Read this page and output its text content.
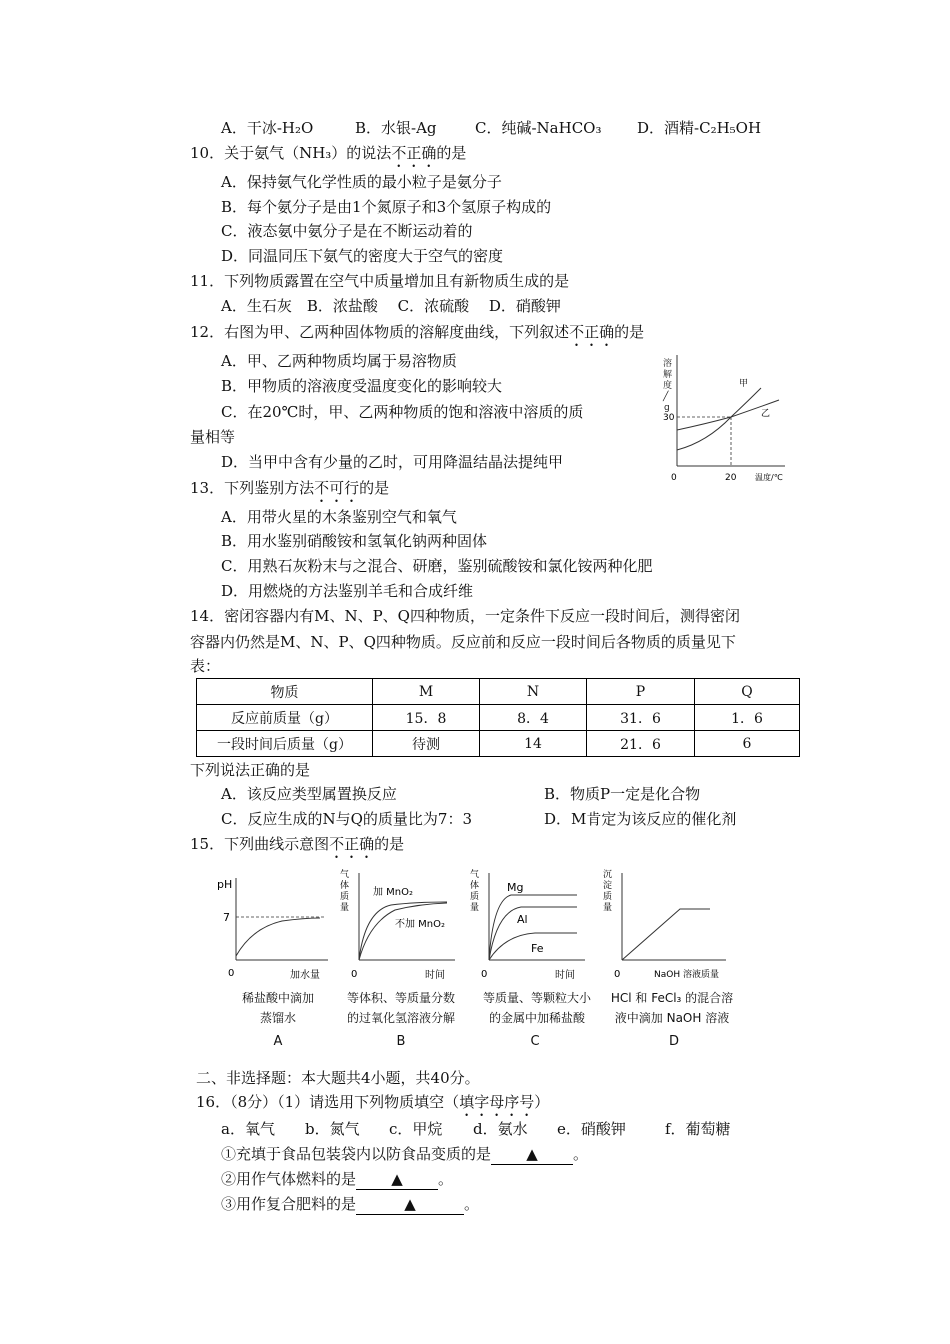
A．干冰-H₂O	B．水银-Ag	C．纯碱-NaHCO₃ D．酒精-C₂H₅OH
10．关于氨气（NH₃）的说法不正确的是
A．保持氨气化学性质的最小粒子是氨分子
B．每个氨分子是由1个氮原子和3个氢原子构成的
C．液态氨中氨分子是在不断运动着的
D．同温同压下氨气的密度大于空气的密度
11．下列物质露置在空气中质量增加且有新物质生成的是
A．生石灰　B．浓盐酸　 C．浓硫酸　 D．硝酸钾
12．右图为甲、乙两种固体物质的溶解度曲线，下列叙述不正确的是
A．甲、乙两种物质均属于易溶物质
B．甲物质的溶液度受温度变化的影响较大
C．在20℃时，甲、乙两种物质的饱和溶液中溶质的质
量相等
D．当甲中含有少量的乙时，可用降温结晶法提纯甲
溶
解
度
╱
g
甲
乙
30
0	20 温度/℃
13．下列鉴别方法不可行的是
A．用带火星的木条鉴别空气和氧气
B．用水鉴别硝酸铵和氢氧化钠两种固体
C．用熟石灰粉末与之混合、研磨，鉴别硫酸铵和氯化铵两种化肥
D．用燃烧的方法鉴别羊毛和合成纤维
14．密闭容器内有M、N、P、Q四种物质，一定条件下反应一段时间后，测得密闭
容器内仍然是M、N、P、Q四种物质。反应前和反应一段时间后各物质的质量见下
表：
物质	M	N	P	Q
反应前质量（g）	15．8	8．4	31．6	1．6
一段时间后质量（g）	待测	14	21．6	6
下列说法正确的是
A．该反应类型属置换反应	B．物质P一定是化合物
C．反应生成的N与Q的质量比为7：3	D．M肯定为该反应的催化剂
15．下列曲线示意图不正确的是
pH
7
0	加水量
稀盐酸中滴加
蒸馏水
A
气
体
质
量
加 MnO₂
不加 MnO₂
0	时间
等体积、等质量分数
的过氧化氢溶液分解
B
气
体
质
量
Mg
Al
Fe
0	时间
等质量、等颗粒大小
的金属中加稀盐酸
C
沉
淀
质
量
0	NaOH 溶液质量
HCl 和 FeCl₃ 的混合溶
液中滴加 NaOH 溶液
D
二、非选择题：本大题共4小题，共40分。
16．（8分）（1）请选用下列物质填空（填字母序号）
a．氧气 b．氮气 c．甲烷 d．氨水 e．硝酸钾	f．葡萄糖
①充填于食品包装袋内以防食品变质的是 ▲ 。
②用作气体燃料的是 ▲ 。
③用作复合肥料的是	▲	。
